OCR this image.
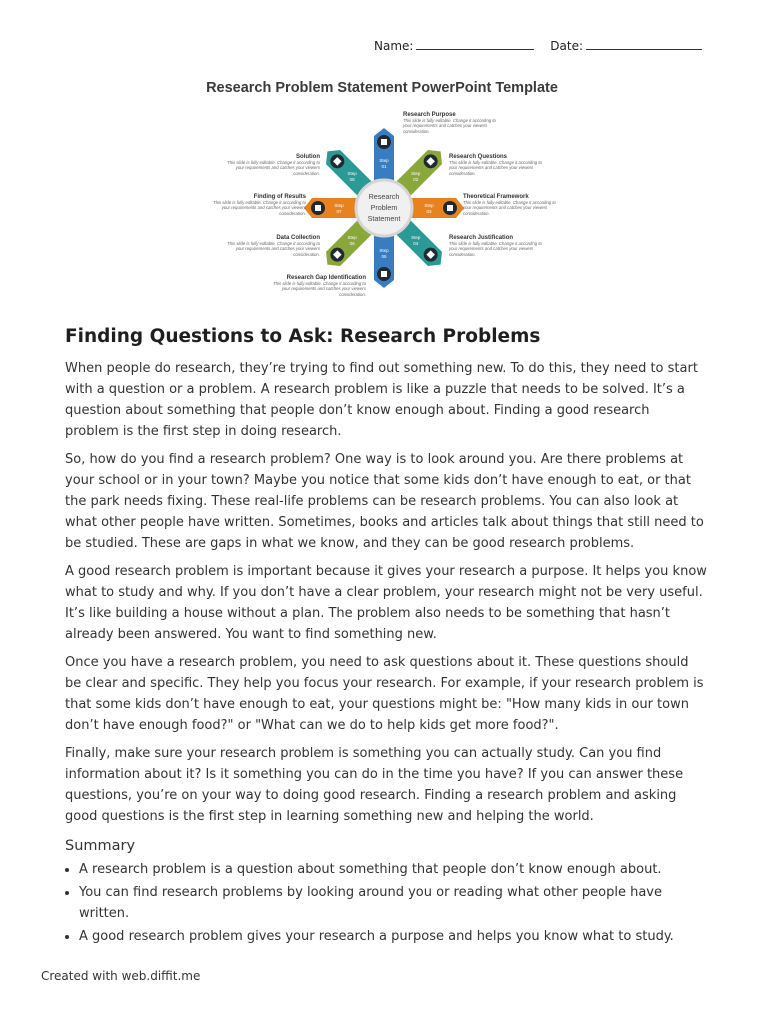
Name:	Date:
Step
01
Step
02
Step
03
Step
04
Step
05
Step
06
Step
07
Step
08
Research
Problem
Statement
Research Problem Statement PowerPoint Template
Research Purpose
This slide is fully editable. Change it according to your requirements and catches your viewers consideration.
Research Questions
This slide is fully editable. Change it according to your requirements and catches your viewers consideration.
Theoretical Framework
This slide is fully editable. Change it according to your requirements and catches your viewers consideration.
Research Justification
This slide is fully editable. Change it according to your requirements and catches your viewers consideration.
Research Gap Identification
This slide is fully editable. Change it according to your requirements and catches your viewers consideration.
Data Collection
This slide is fully editable. Change it according to your requirements and catches your viewers consideration.
Finding of Results
This slide is fully editable. Change it according to your requirements and catches your viewers consideration.
Solution
This slide is fully editable. Change it according to your requirements and catches your viewers consideration.
Finding Questions to Ask: Research Problems

When people do research, they’re trying to find out something new. To do this, they need to start with a question or a problem. A research problem is like a puzzle that needs to be solved. It’s a question about something that people don’t know enough about. Finding a good research problem is the first step in doing research.

So, how do you find a research problem? One way is to look around you. Are there problems at your school or in your town? Maybe you notice that some kids don’t have enough to eat, or that the park needs fixing. These real-life problems can be research problems. You can also look at what other people have written. Sometimes, books and articles talk about things that still need to be studied. These are gaps in what we know, and they can be good research problems.

A good research problem is important because it gives your research a purpose. It helps you know what to study and why. If you don’t have a clear problem, your research might not be very useful. It’s like building a house without a plan. The problem also needs to be something that hasn’t already been answered. You want to find something new.

Once you have a research problem, you need to ask questions about it. These questions should be clear and specific. They help you focus your research. For example, if your research problem is that some kids don’t have enough to eat, your questions might be: "How many kids in our town don’t have enough food?" or "What can we do to help kids get more food?".

Finally, make sure your research problem is something you can actually study. Can you find information about it? Is it something you can do in the time you have? If you can answer these questions, you’re on your way to doing good research. Finding a research problem and asking good questions is the first step in learning something new and helping the world.

Summary
• A research problem is a question about something that people don’t know enough about.
• You can find research problems by looking around you or reading what other people have written.
• A good research problem gives your research a purpose and helps you know what to study.
Created with web.diffit.me
